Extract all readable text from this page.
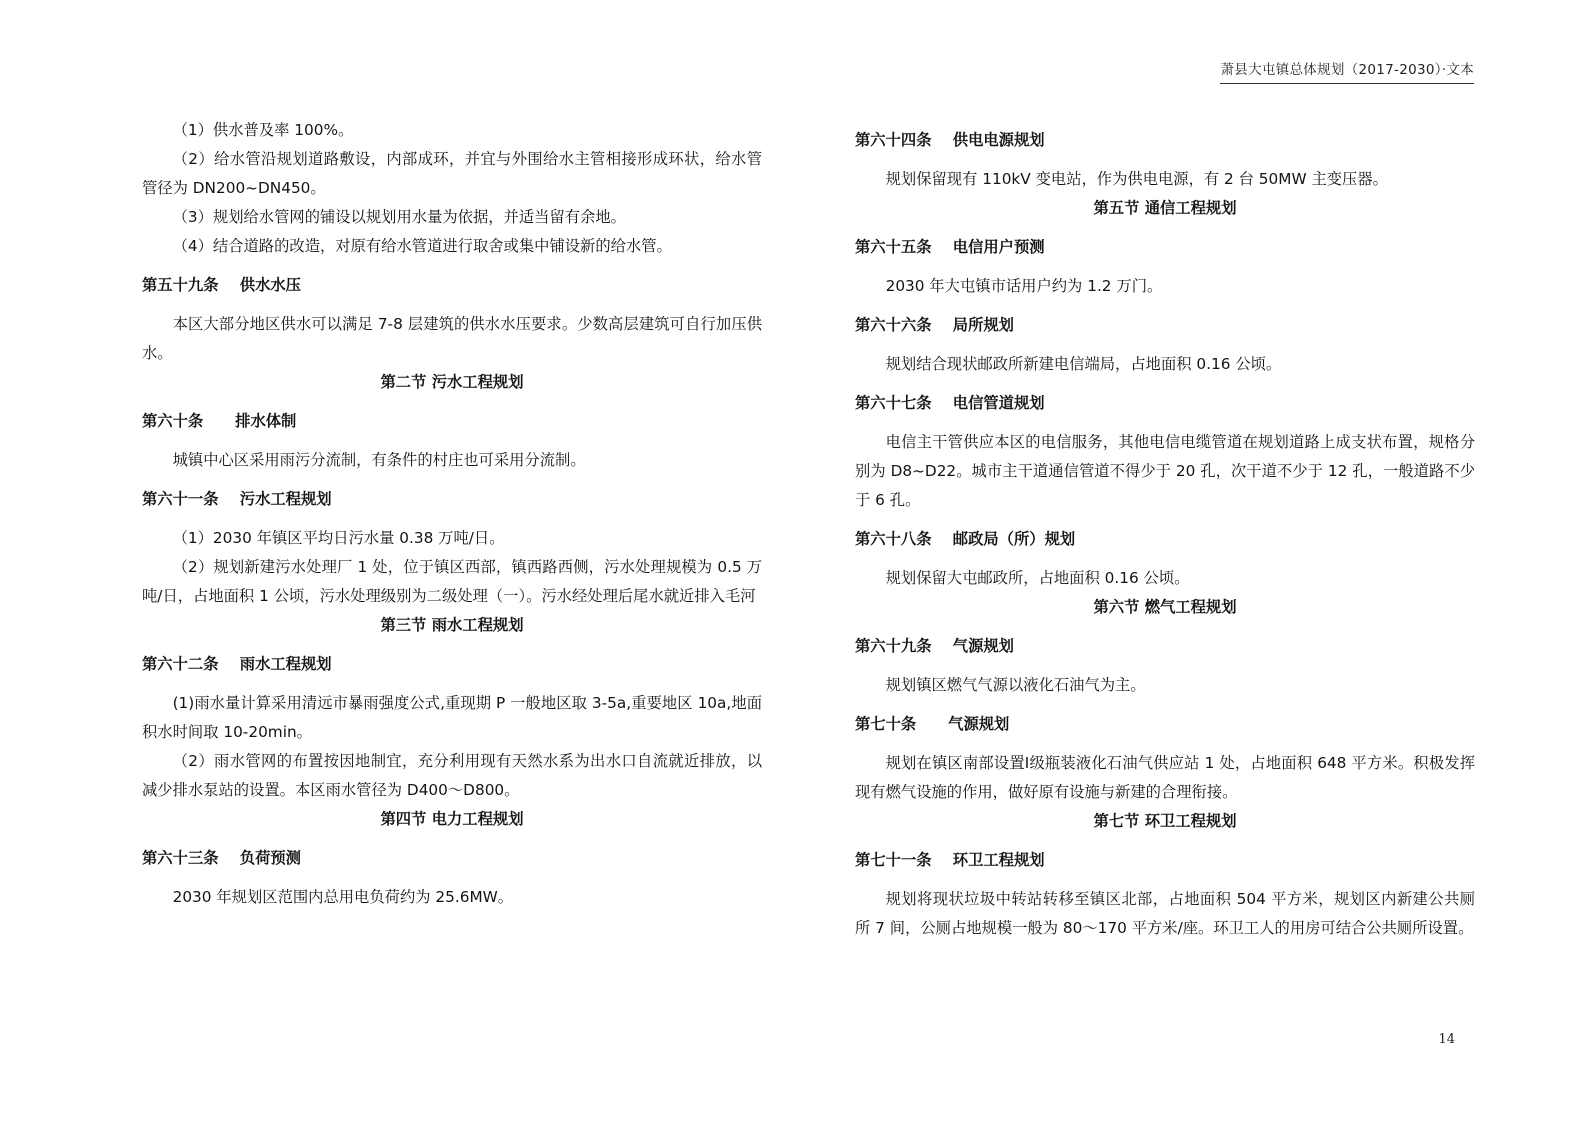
萧县大屯镇总体规划（2017-2030）·文本

（1）供水普及率 100%。

（2）给水管沿规划道路敷设，内部成环，并宜与外围给水主管相接形成环状，给水管管径为 DN200~DN450。

（3）规划给水管网的铺设以规划用水量为依据，并适当留有余地。

（4）结合道路的改造，对原有给水管道进行取舍或集中铺设新的给水管。

第五十九条    供水水压

本区大部分地区供水可以满足 7-8 层建筑的供水水压要求。少数高层建筑可自行加压供水。

第二节 污水工程规划

第六十条      排水体制

城镇中心区采用雨污分流制，有条件的村庄也可采用分流制。

第六十一条    污水工程规划

（1）2030 年镇区平均日污水量 0.38 万吨/日。

（2）规划新建污水处理厂 1 处，位于镇区西部，镇西路西侧，污水处理规模为 0.5 万吨/日，占地面积 1 公顷，污水处理级别为二级处理（一）。污水经处理后尾水就近排入毛河

第三节 雨水工程规划

第六十二条    雨水工程规划

(1)雨水量计算采用清远市暴雨强度公式,重现期 P 一般地区取 3-5a,重要地区 10a,地面积水时间取 10-20min。

（2）雨水管网的布置按因地制宜，充分利用现有天然水系为出水口自流就近排放，以减少排水泵站的设置。本区雨水管径为 D400～D800。

第四节 电力工程规划

第六十三条    负荷预测

2030 年规划区范围内总用电负荷约为 25.6MW。

第六十四条    供电电源规划

规划保留现有 110kV 变电站，作为供电电源，有 2 台 50MW 主变压器。

第五节 通信工程规划

第六十五条    电信用户预测

2030 年大屯镇市话用户约为 1.2 万门。

第六十六条    局所规划

规划结合现状邮政所新建电信端局，占地面积 0.16 公顷。

第六十七条    电信管道规划

电信主干管供应本区的电信服务，其他电信电缆管道在规划道路上成支状布置，规格分别为 D8~D22。城市主干道通信管道不得少于 20 孔，次干道不少于 12 孔，一般道路不少于 6 孔。

第六十八条    邮政局（所）规划

规划保留大屯邮政所，占地面积 0.16 公顷。

第六节 燃气工程规划

第六十九条    气源规划

规划镇区燃气气源以液化石油气为主。

第七十条      气源规划

规划在镇区南部设置Ⅰ级瓶装液化石油气供应站 1 处，占地面积 648 平方米。积极发挥现有燃气设施的作用，做好原有设施与新建的合理衔接。

第七节 环卫工程规划

第七十一条    环卫工程规划

规划将现状垃圾中转站转移至镇区北部，占地面积 504 平方米，规划区内新建公共厕所 7 间，公厕占地规模一般为 80～170 平方米/座。环卫工人的用房可结合公共厕所设置。

14
